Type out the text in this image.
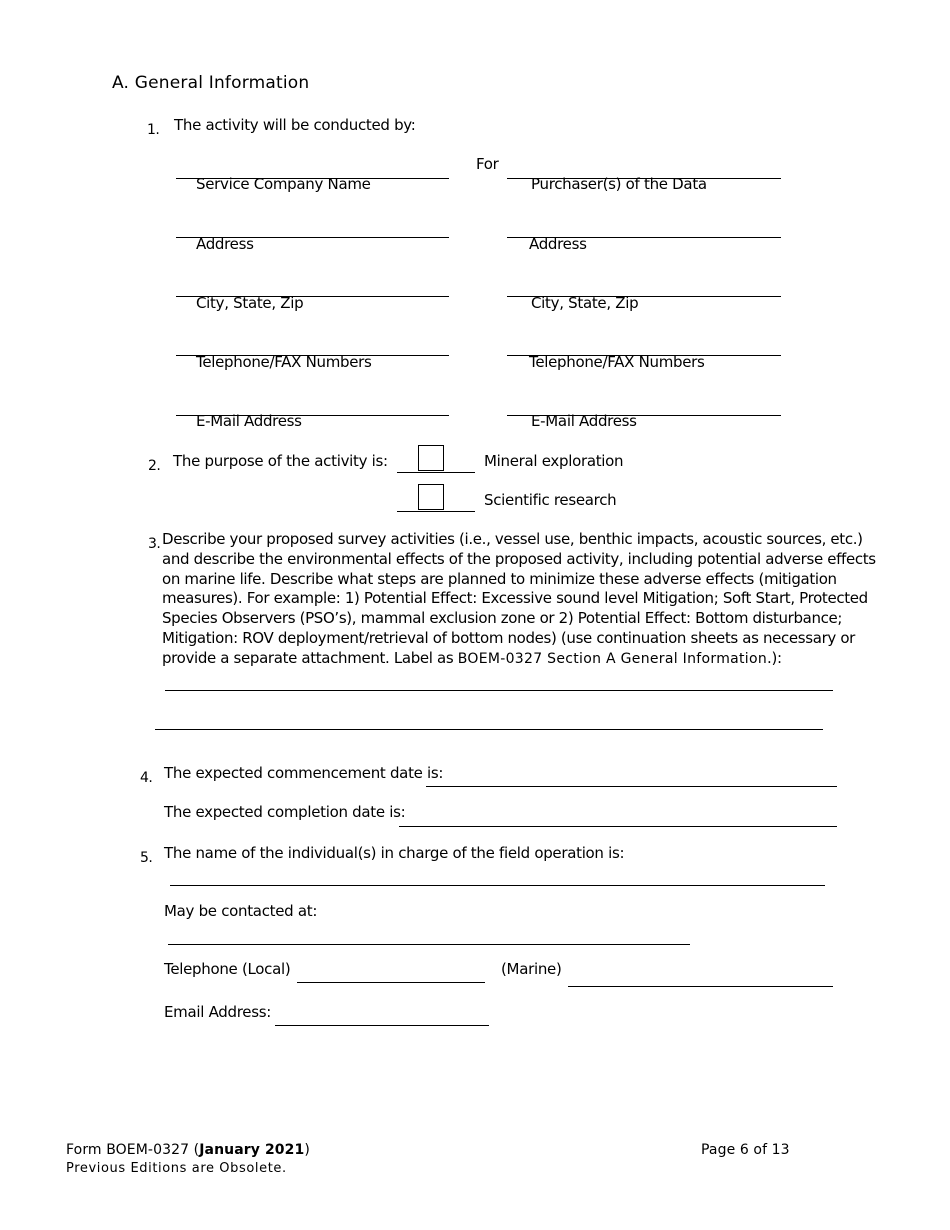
A. General Information
1. The activity will be conducted by:
For
Service Company Name
Address
City, State, Zip
Telephone/FAX Numbers
E-Mail Address
Purchaser(s) of the Data
Address
City, State, Zip
Telephone/FAX Numbers
E-Mail Address
2. The purpose of the activity is:	Mineral exploration
Scientific research
3. Describe your proposed survey activities (i.e., vessel use, benthic impacts, acoustic sources, etc.)

and describe the environmental effects of the proposed activity, including potential adverse effects

on marine life. Describe what steps are planned to minimize these adverse effects (mitigation

measures). For example: 1) Potential Effect: Excessive sound level Mitigation; Soft Start, Protected

Species Observers (PSO’s), mammal exclusion zone or 2) Potential Effect: Bottom disturbance;

Mitigation: ROV deployment/retrieval of bottom nodes) (use continuation sheets as necessary or

provide a separate attachment. Label as BOEM-0327 Section A General Information.):

4. The expected commencement date is:
The expected completion date is:
5. The name of the individual(s) in charge of the field operation is:
May be contacted at:
Telephone (Local)	(Marine)
Email Address:
Form BOEM-0327 (January 2021)
Previous Editions are Obsolete.
Page 6 of 13
